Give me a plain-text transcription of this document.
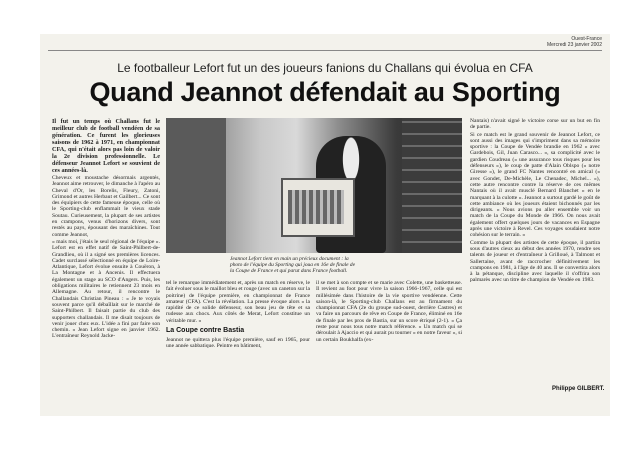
Ouest-France
Mercredi 23 janvier 2002
Le footballeur Lefort fut un des joueurs fanions du Challans qui évolua en CFA
Quand Jeannot défendait au Sporting

Il fut un temps où Challans fut le meilleur club de football vendéen de sa génération. Ce furent les glorieuses saisons de 1962 à 1971, en championnat CFA, qui n'était alors pas loin de valoir la 2e division professionnelle. Le défenseur Jeannot Lefort se souvient de ces années-là.

Cheveux et moustache désormais argentés, Jeannot aime retrouver, le dimanche à l'apéro au Cheval d'Or, les Borelis, Fleury, Zatoni, Grimond et autres Herbaut et Gailbert... Ce sont des équipiers de cette fameuse époque, celle où le Sporting-club enflammait le vieux stade Soutau. Curieusement, la plupart de ses artistes en crampons, venus d'horizons divers, sont restés au pays, épousant des maraîchines. Tout comme Jeannot,

« mais moi, j'étais le seul régional de l'équipe ». Lefort est en effet natif de Saint-Philbert-de-Grandlieu, où il a signé ses premières licences. Cadet surclassé sélectionné en équipe de Loire-Atlantique, Lefort évolue ensuite à Couëron, à La Montagne et à Ancenis. Il effectuera également un stage au SCO d'Angers. Puis, les obligations militaires le retiennent 23 mois en Allemagne. Au retour, il rencontre le Challandais Christian Pineau : « Je te voyais souvent parce qu'il débaîllait sur le marché de Saint-Philbert. Il faisait partie du club des supporters challandais. Il me disait toujours de venir jouer chez eux. L'idée a fini par faire son chemin. » Jean Lefort signe en janvier 1962. L'entraîneur Reynold Jacke-

Jeannot Lefort tient en main un précieux document : la photo de l'équipe du Sporting qui joua en 16e de finale de la Coupe de France et qui parut dans France football.

tel le remarque immédiatement et, après un match en réserve, le fait évoluer sous le maillot bleu et rouge (avec un caneton sur la poitrine) de l'équipe première, en championnat de France amateur (CFA). C'est la révélation. La presse évoque alors « la rapidité de ce solide défenseur, son beau jeu de tête et sa rudesse aux chocs. Aux côtés de Merat, Lefort constitue un véritable mur. »

La Coupe contre Bastia

Jeannot ne quittera plus l'équipe première, sauf en 1965, pour une année sabbatique. Peintre en bâtiment,

il se met à son compte et se marie avec Colette, une basketteuse. Il revient au foot pour vivre la saison 1966-1967, celle qui est millésimée dans l'histoire de la vie sportive vendéenne. Cette saison-là, le Sporting-club Challans est au firmament du championnat CFA (2e du groupe sud-ouest, derrière Castres) et va faire un parcours de rêve en Coupe de France, éliminé en 16e de finale par les pros de Bastia, sur un score étriqué (2-1). « Ça reste pour nous tous notre match référence. » Un match qui se déroulait à Ajaccio et qui aurait pu tourner « en notre faveur », si un certain Boukhalfa (ex-

Nantais) n'avait signé le victoire corse sur un but en fin de partie.

Si ce match est le grand souvenir de Jeannot Lefort, ce sont aussi des images qui s'impriment dans sa mémoire sportive : la Coupe de Vendée brandie en 1962 « avec Gardebois, Gil, Juan Carasco... », sa complicité avec le gardien Coudreau (« une assurance tous risques pour les défenseurs »), le coup de patte d'Alain Oblspo (« notre Giresse »), le grand FC Nantes rencontré en amical (« avec Gondet, De-Michèle, Le Chenadec, Michel... »), cette autre rencontre contre la réserve de ces mêmes Nantais où il avait musclé Bernard Blanchet « en le marquant à la culotte ». Jeannot a surtout gardé le goût de cette ambiance où les joueurs étaient bichonnés par les dirigeants. « Nous avions pu aller ensemble voir un match de la Coupe du Monde de 1966. On nous avait également offert quelques jours de vacances en Espagne après une victoire à Revel. Ces voyages soudaient notre cohésion sur le terrain. »

Comme la plupart des artistes de cette époque, il partira sous d'autres cieux au début des années 1970, rendre ses talents de joueur et d'entraîneur à Grilloué, à Talmont et Sallertaine, avant de raccrocher définitivement les crampons en 1981, à l'âge de 40 ans. Il se convertira alors à la pétanque, discipline avec laquelle il s'offrira son palmarès avec un titre de champion de Vendée en 1983.

Philippe GILBERT.
